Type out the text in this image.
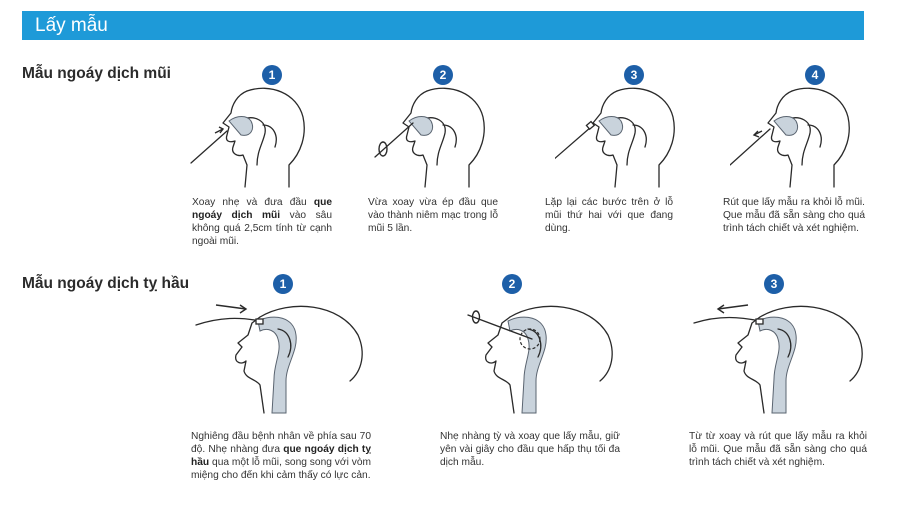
Lấy mẫu
Mẫu ngoáy dịch mũi	1	2	3	4
Xoay nhẹ và đưa đầu que ngoáy dịch mũi vào sâu không quá 2,5cm tính từ cạnh ngoài mũi.
Vừa xoay vừa ép đầu que vào thành niêm mạc trong lỗ mũi 5 lần.
Lặp lại các bước trên ở lỗ mũi thứ hai với que đang dùng.
Rút que lấy mẫu ra khỏi lỗ mũi. Que mẫu đã sẵn sàng cho quá trình tách chiết và xét nghiệm.
Mẫu ngoáy dịch tỵ hầu	1	2	3
Nghiêng đầu bệnh nhân về phía sau 70 độ. Nhẹ nhàng đưa que ngoáy dịch tỵ hầu qua một lỗ mũi, song song với vòm miệng cho đến khi cảm thấy có lực cản.
Nhẹ nhàng tỳ và xoay que lấy mẫu, giữ yên vài giây cho đầu que hấp thụ tối đa dịch mẫu.
Từ từ xoay và rút que lấy mẫu ra khỏi lỗ mũi. Que mẫu đã sẵn sàng cho quá trình tách chiết và xét nghiệm.
